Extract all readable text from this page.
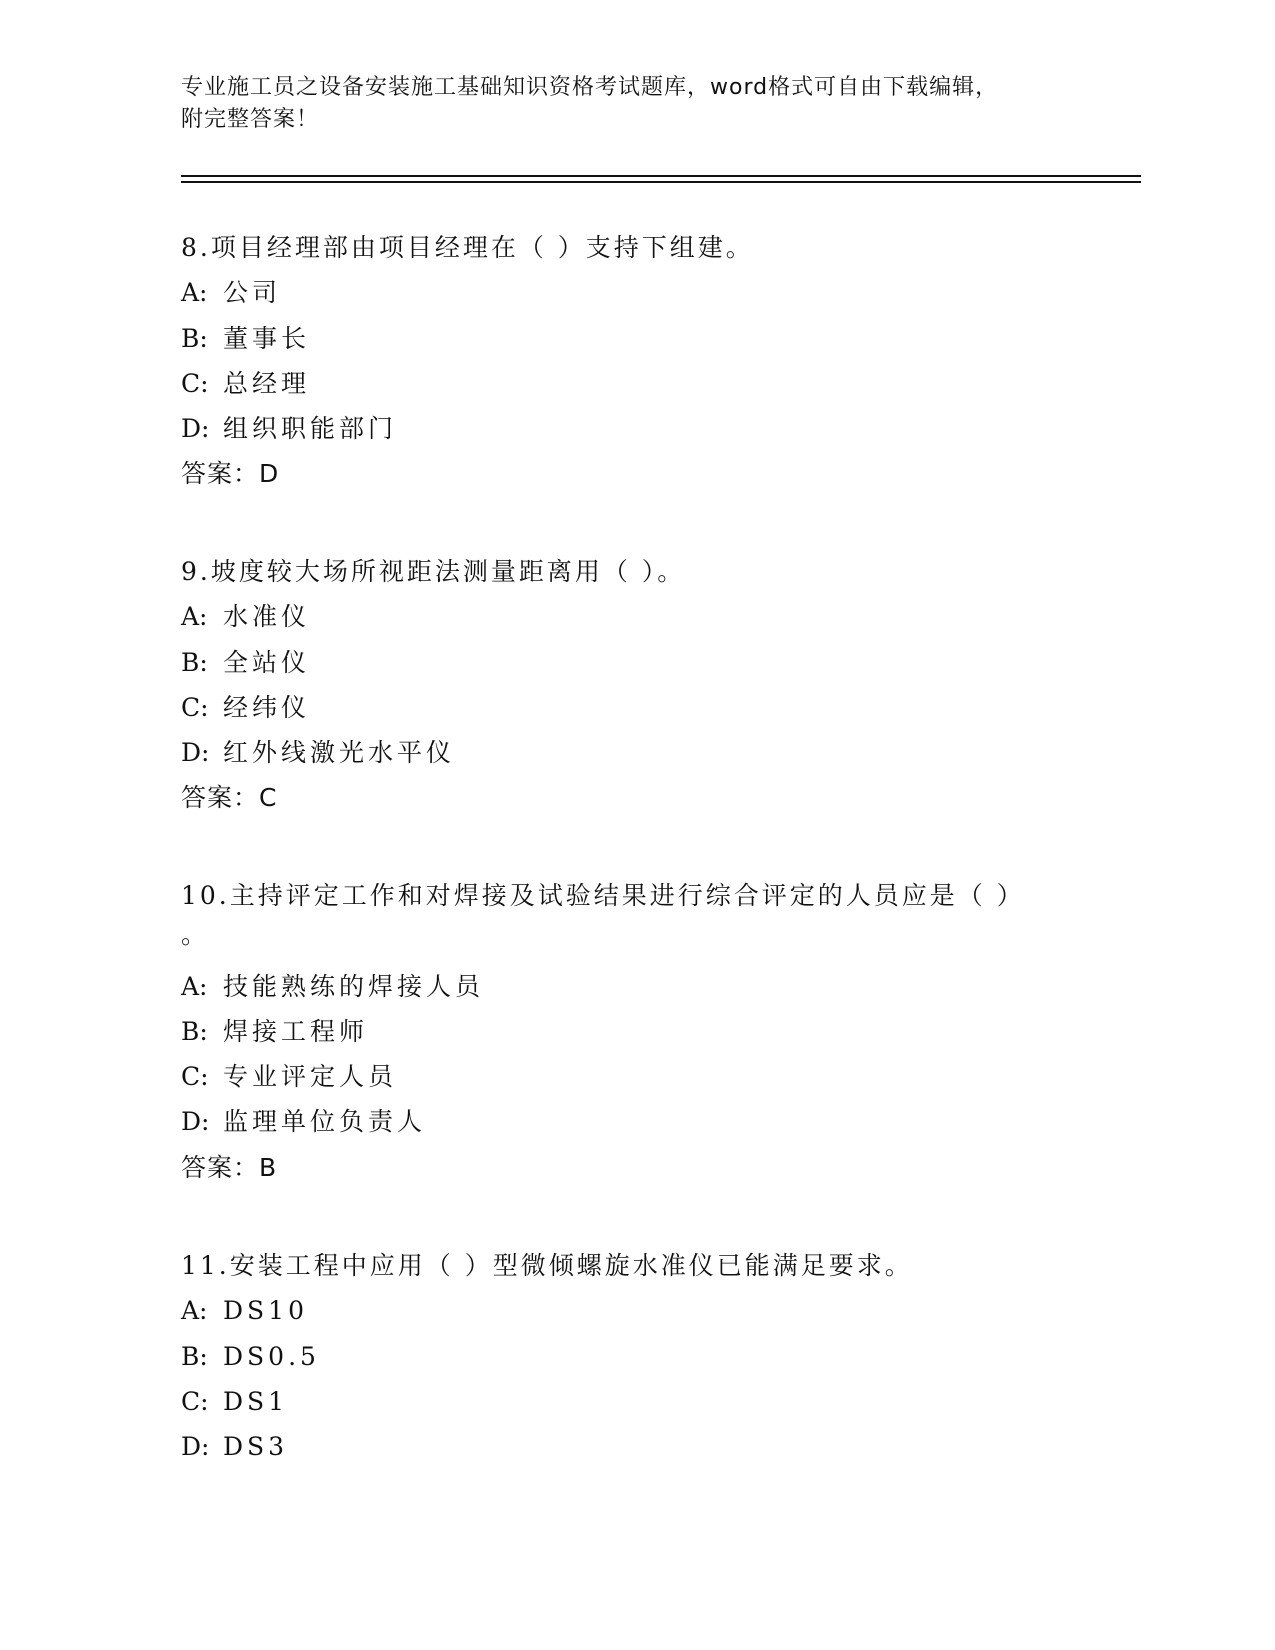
专业施工员之设备安装施工基础知识资格考试题库，word格式可自由下载编辑，
附完整答案！
8.项目经理部由项目经理在（ ）支持下组建。
A: 公司
B: 董事长
C: 总经理
D: 组织职能部门
答案：D
9.坡度较大场所视距法测量距离用（ ）。
A: 水准仪
B: 全站仪
C: 经纬仪
D: 红外线激光水平仪
答案：C
10.主持评定工作和对焊接及试验结果进行综合评定的人员应是（ ）
。
A: 技能熟练的焊接人员
B: 焊接工程师
C: 专业评定人员
D: 监理单位负责人
答案：B
11.安装工程中应用（ ）型微倾螺旋水准仪已能满足要求。
A: DS10
B: DS0.5
C: DS1
D: DS3
